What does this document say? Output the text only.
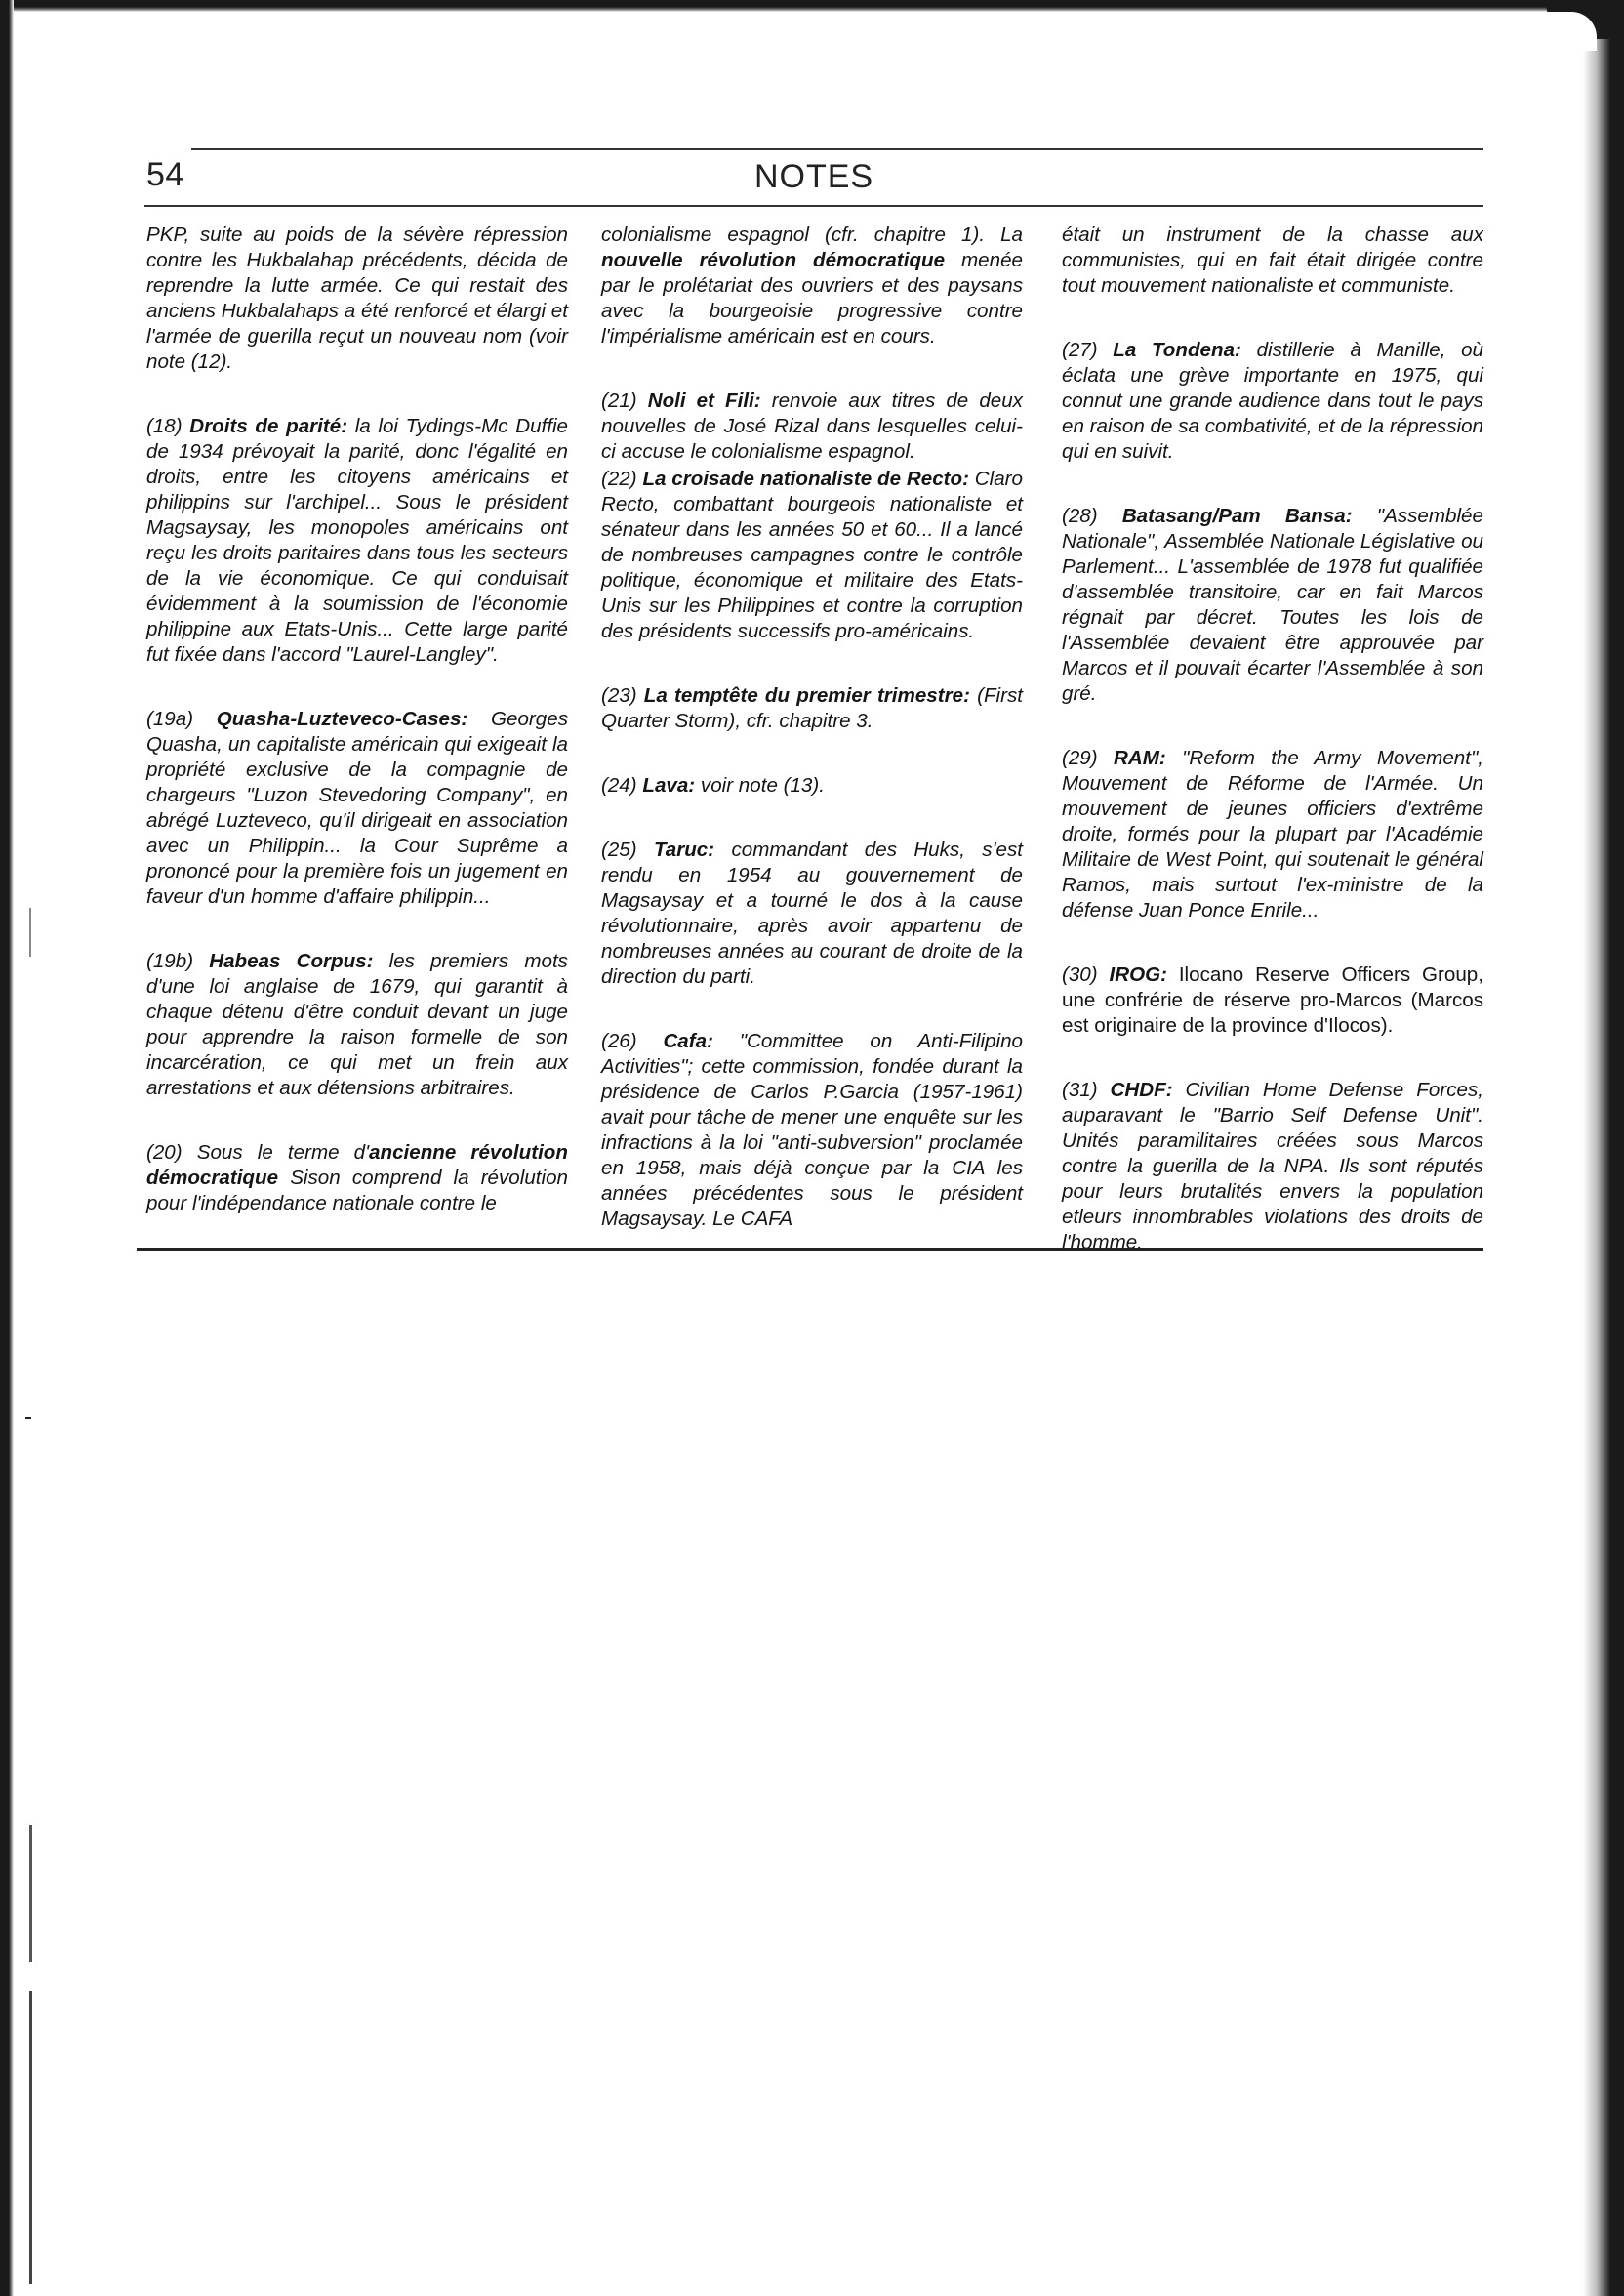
54	NOTES

PKP, suite au poids de la sévère répression contre les Hukbalahap précédents, décida de reprendre la lutte armée. Ce qui restait des anciens Hukbalahaps a été renforcé et élargi et l'armée de guerilla reçut un nouveau nom (voir note (12).

(18) Droits de parité: la loi Tydings-Mc Duffie de 1934 prévoyait la parité, donc l'égalité en droits, entre les citoyens américains et philippins sur l'archipel... Sous le président Magsaysay, les monopoles américains ont reçu les droits paritaires dans tous les secteurs de la vie économique. Ce qui conduisait évidemment à la soumission de l'économie philippine aux Etats-Unis... Cette large parité fut fixée dans l'accord "Laurel-Langley".

(19a) Quasha-Luzteveco-Cases: Georges Quasha, un capitaliste américain qui exigeait la propriété exclusive de la compagnie de chargeurs "Luzon Stevedoring Company", en abrégé Luzteveco, qu'il dirigeait en association avec un Philippin... la Cour Suprême a prononcé pour la première fois un jugement en faveur d'un homme d'affaire philippin...

(19b) Habeas Corpus: les premiers mots d'une loi anglaise de 1679, qui garantit à chaque détenu d'être conduit devant un juge pour apprendre la raison formelle de son incarcération, ce qui met un frein aux arrestations et aux détensions arbitraires.

(20) Sous le terme d'ancienne révolution démocratique Sison comprend la révolution pour l'indépendance nationale contre le

colonialisme espagnol (cfr. chapitre 1). La nouvelle révolution démocratique menée par le prolétariat des ouvriers et des paysans avec la bourgeoisie progressive contre l'impérialisme américain est en cours.

(21) Noli et Fili: renvoie aux titres de deux nouvelles de José Rizal dans lesquelles celui-ci accuse le colonialisme espagnol.

(22) La croisade nationaliste de Recto: Claro Recto, combattant bourgeois nationaliste et sénateur dans les années 50 et 60... Il a lancé de nombreuses campagnes contre le contrôle politique, économique et militaire des Etats-Unis sur les Philippines et contre la corruption des présidents successifs pro-américains.

(23) La temptête du premier trimestre: (First Quarter Storm), cfr. chapitre 3.

(24) Lava: voir note (13).

(25) Taruc: commandant des Huks, s'est rendu en 1954 au gouvernement de Magsaysay et a tourné le dos à la cause révolutionnaire, après avoir appartenu de nombreuses années au courant de droite de la direction du parti.

(26) Cafa: "Committee on Anti-Filipino Activities"; cette commission, fondée durant la présidence de Carlos P.Garcia (1957-1961) avait pour tâche de mener une enquête sur les infractions à la loi "anti-subversion" proclamée en 1958, mais déjà conçue par la CIA les années précédentes sous le président Magsaysay. Le CAFA

était un instrument de la chasse aux communistes, qui en fait était dirigée contre tout mouvement nationaliste et communiste.

(27) La Tondena: distillerie à Manille, où éclata une grève importante en 1975, qui connut une grande audience dans tout le pays en raison de sa combativité, et de la répression qui en suivit.

(28) Batasang/Pam Bansa: "Assemblée Nationale", Assemblée Nationale Législative ou Parlement... L'assemblée de 1978 fut qualifiée d'assemblée transitoire, car en fait Marcos régnait par décret. Toutes les lois de l'Assemblée devaient être approuvée par Marcos et il pouvait écarter l'Assemblée à son gré.

(29) RAM: "Reform the Army Movement", Mouvement de Réforme de l'Armée. Un mouvement de jeunes officiers d'extrême droite, formés pour la plupart par l'Académie Militaire de West Point, qui soutenait le général Ramos, mais surtout l'ex-ministre de la défense Juan Ponce Enrile...

(30) IROG: Ilocano Reserve Officers Group, une confrérie de réserve pro-Marcos (Marcos est originaire de la province d'Ilocos).

(31) CHDF: Civilian Home Defense Forces, auparavant le "Barrio Self Defense Unit". Unités paramilitaires créées sous Marcos contre la guerilla de la NPA. Ils sont réputés pour leurs brutalités envers la population etleurs innombrables violations des droits de l'homme.
